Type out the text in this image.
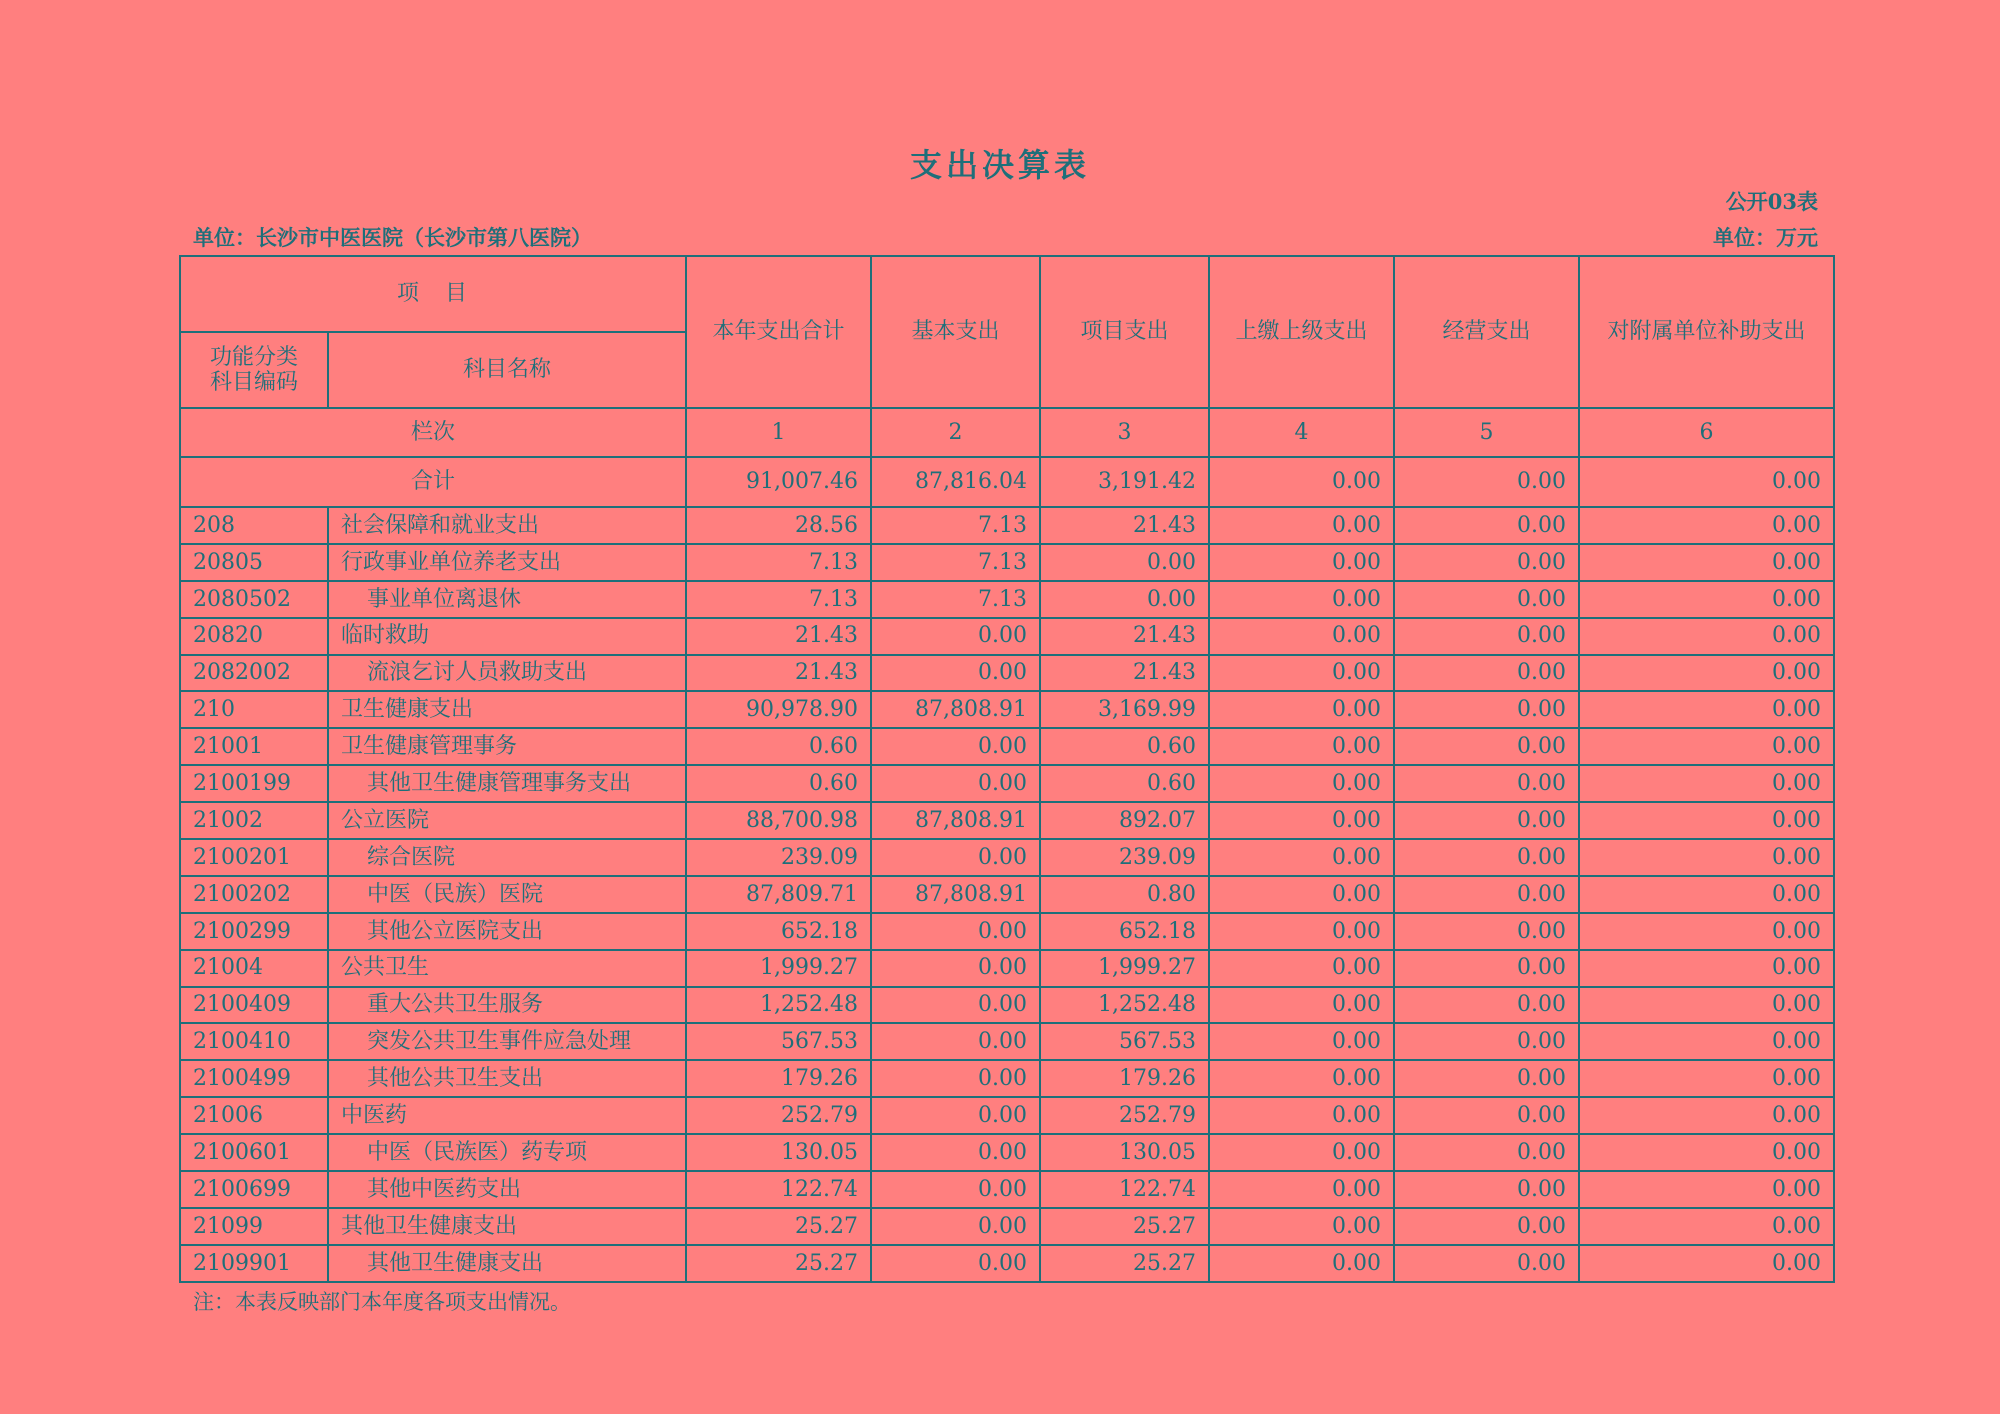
支出决算表
公开03表
单位：长沙市中医医院（长沙市第八医院）	单位：万元
项　目		本年支出合计	基本支出	项目支出	上缴上级支出	经营支出	对附属单位补助支出
功能分类
科目编码	科目名称						
栏次		1	2	3	4	5	6
合计		91,007.46	87,816.04	3,191.42	0.00	0.00	0.00
208	社会保障和就业支出	28.56	7.13	21.43	0.00	0.00	0.00
20805	行政事业单位养老支出	7.13	7.13	0.00	0.00	0.00	0.00
2080502	事业单位离退休	7.13	7.13	0.00	0.00	0.00	0.00
20820	临时救助	21.43	0.00	21.43	0.00	0.00	0.00
2082002	流浪乞讨人员救助支出	21.43	0.00	21.43	0.00	0.00	0.00
210	卫生健康支出	90,978.90	87,808.91	3,169.99	0.00	0.00	0.00
21001	卫生健康管理事务	0.60	0.00	0.60	0.00	0.00	0.00
2100199	其他卫生健康管理事务支出	0.60	0.00	0.60	0.00	0.00	0.00
21002	公立医院	88,700.98	87,808.91	892.07	0.00	0.00	0.00
2100201	综合医院	239.09	0.00	239.09	0.00	0.00	0.00
2100202	中医（民族）医院	87,809.71	87,808.91	0.80	0.00	0.00	0.00
2100299	其他公立医院支出	652.18	0.00	652.18	0.00	0.00	0.00
21004	公共卫生	1,999.27	0.00	1,999.27	0.00	0.00	0.00
2100409	重大公共卫生服务	1,252.48	0.00	1,252.48	0.00	0.00	0.00
2100410	突发公共卫生事件应急处理	567.53	0.00	567.53	0.00	0.00	0.00
2100499	其他公共卫生支出	179.26	0.00	179.26	0.00	0.00	0.00
21006	中医药	252.79	0.00	252.79	0.00	0.00	0.00
2100601	中医（民族医）药专项	130.05	0.00	130.05	0.00	0.00	0.00
2100699	其他中医药支出	122.74	0.00	122.74	0.00	0.00	0.00
21099	其他卫生健康支出	25.27	0.00	25.27	0.00	0.00	0.00
2109901	其他卫生健康支出	25.27	0.00	25.27	0.00	0.00	0.00
注：本表反映部门本年度各项支出情况。
